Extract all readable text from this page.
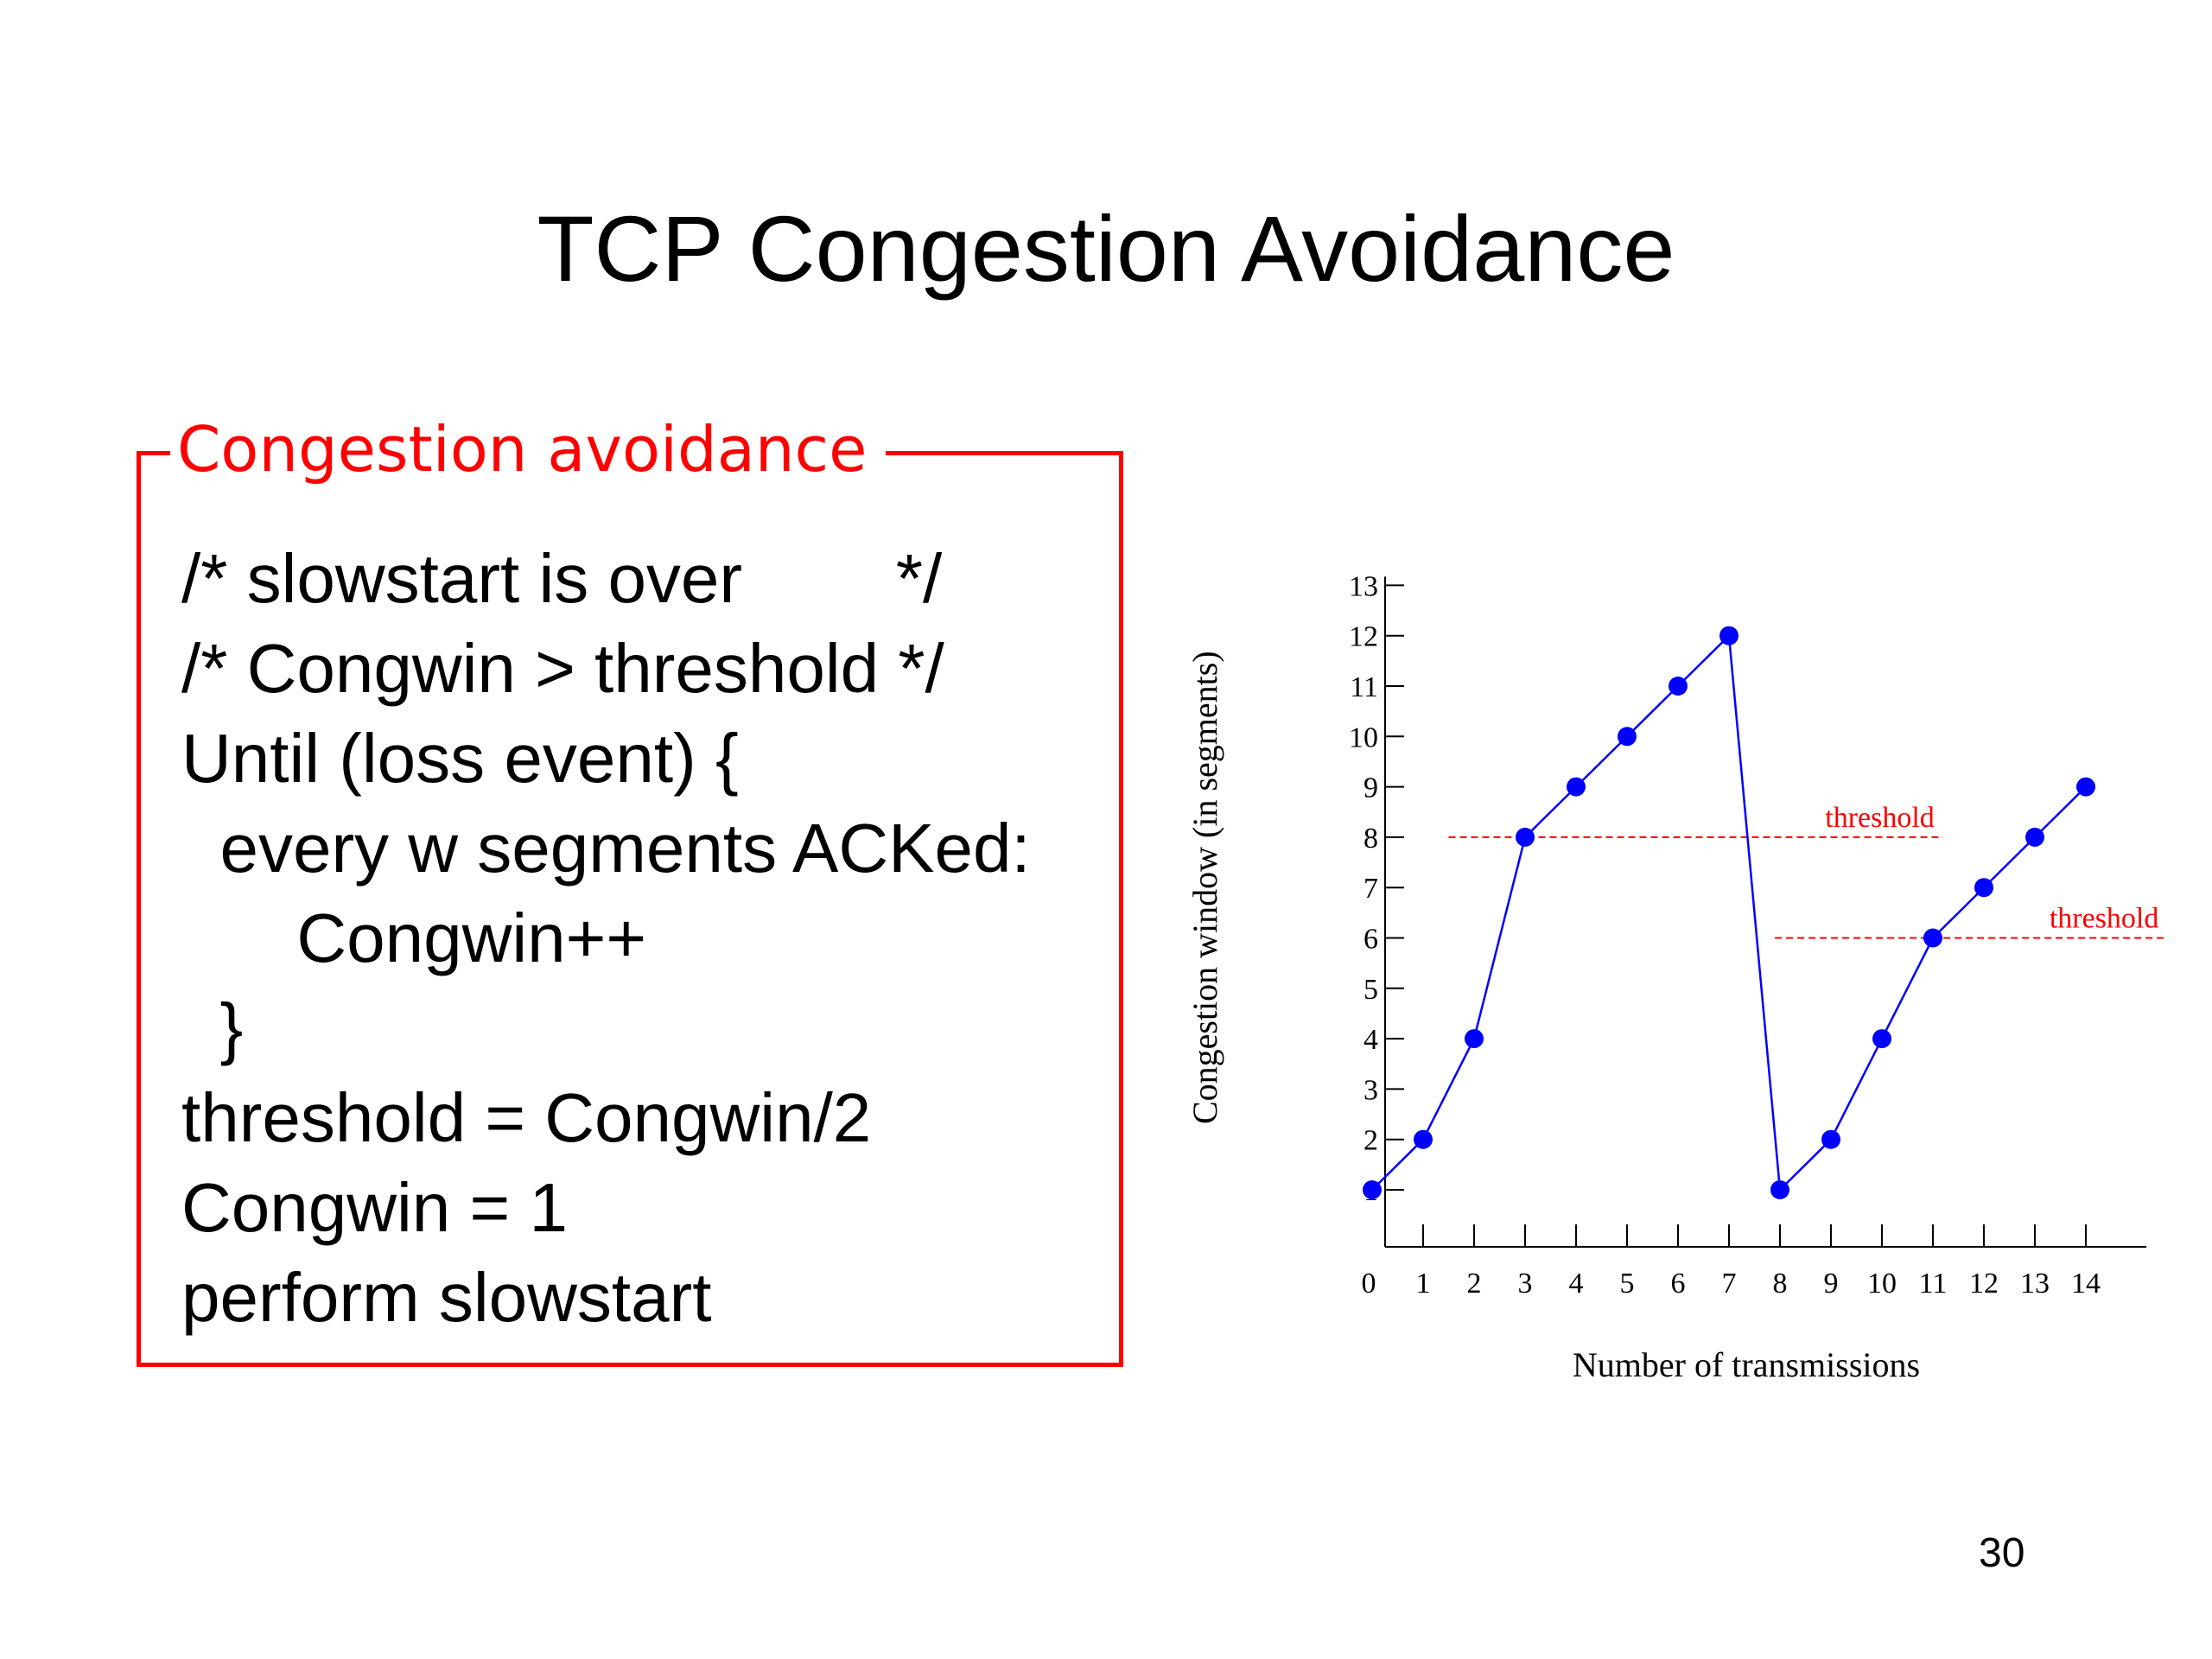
TCP Congestion Avoidance
Congestion avoidance
/* slowstart is over        */
/* Congwin > threshold */
Until (loss event) {
every w segments ACKed:
Congwin++
}
threshold = Congwin/2
Congwin = 1
perform slowstart
2
3
4
5
6
7
8
9
10
11
12
13
0 1 2 3 4 5 6 7 8 9 10 11 12 13 14
threshold
threshold
Number of transmissions
Congestion window (in segments)
30
